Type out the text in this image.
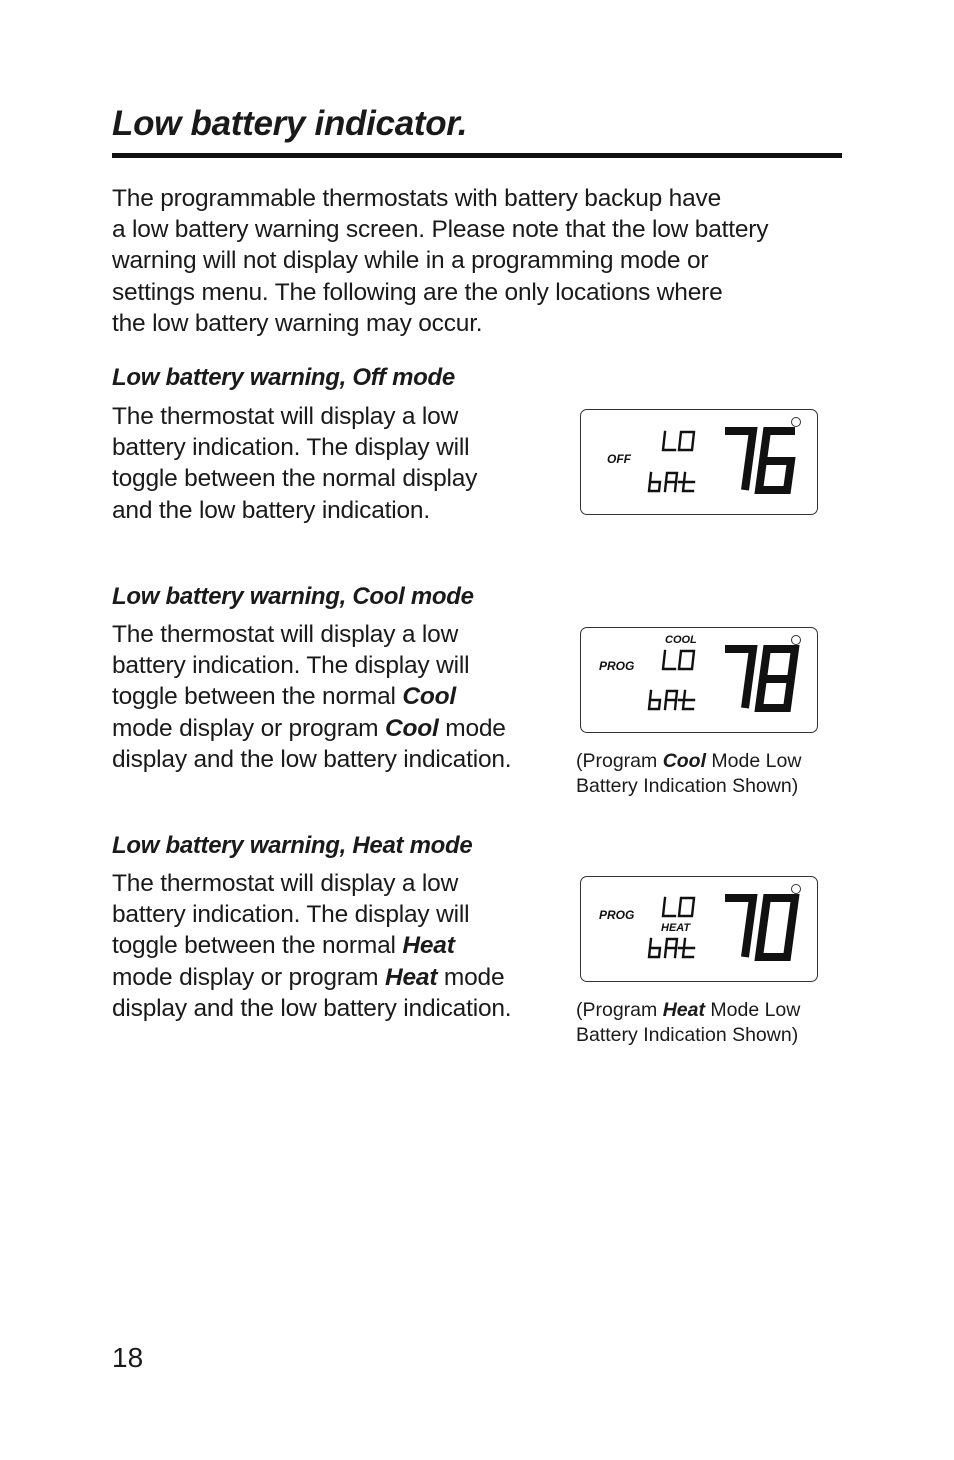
Low battery indicator.

The programmable thermostats with battery backup have
a low battery warning screen. Please note that the low battery
warning will not display while in a programming mode or
settings menu. The following are the only locations where
the low battery warning may occur.

Low battery warning, Off mode

The thermostat will display a low
battery indication. The display will
toggle between the normal display
and the low battery indication.

OFF
Low battery warning, Cool mode

The thermostat will display a low
battery indication. The display will
toggle between the normal Cool
mode display or program Cool mode
display and the low battery indication.

PROG
COOL

(Program Cool Mode Low
Battery Indication Shown)

Low battery warning, Heat mode

The thermostat will display a low
battery indication. The display will
toggle between the normal Heat
mode display or program Heat mode
display and the low battery indication.

PROG
HEAT

(Program Heat Mode Low
Battery Indication Shown)

18
